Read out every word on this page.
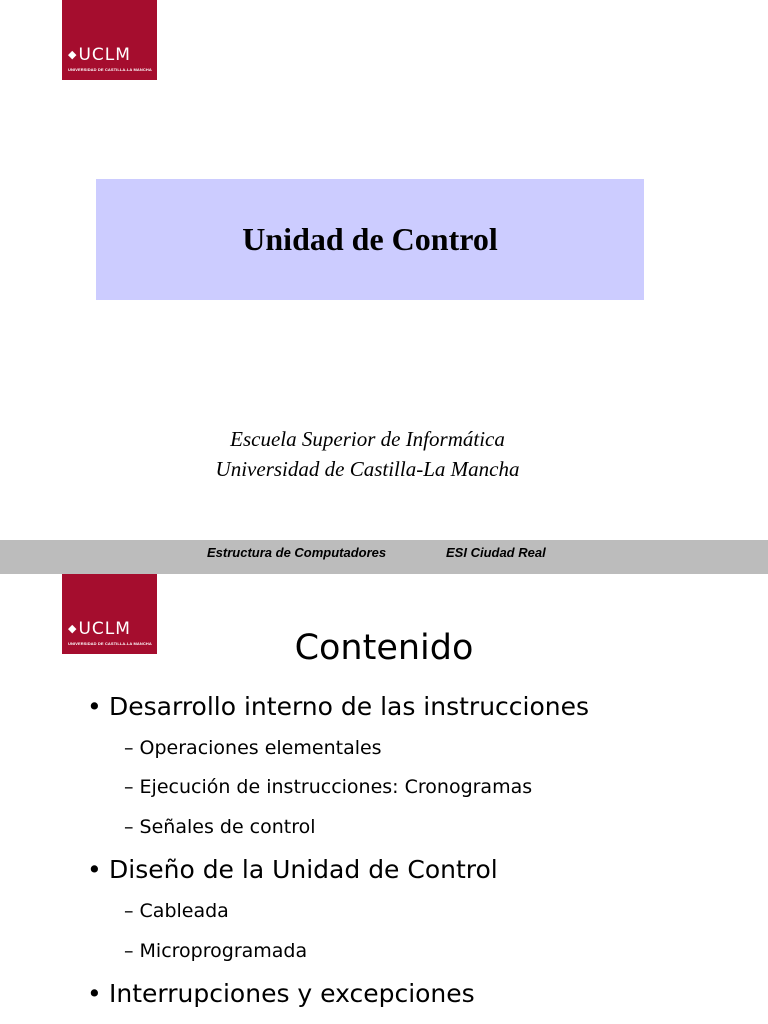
◆UCLM
UNIVERSIDAD DE CASTILLA-LA MANCHA
Unidad de Control
Escuela Superior de Informática
Universidad de Castilla-La Mancha
Estructura de Computadores	ESI Ciudad Real
◆UCLM
UNIVERSIDAD DE CASTILLA-LA MANCHA	Contenido
• Desarrollo interno de las instrucciones
– Operaciones elementales
– Ejecución de instrucciones: Cronogramas
– Señales de control
• Diseño de la Unidad de Control
– Cableada
– Microprogramada
• Interrupciones y excepciones
